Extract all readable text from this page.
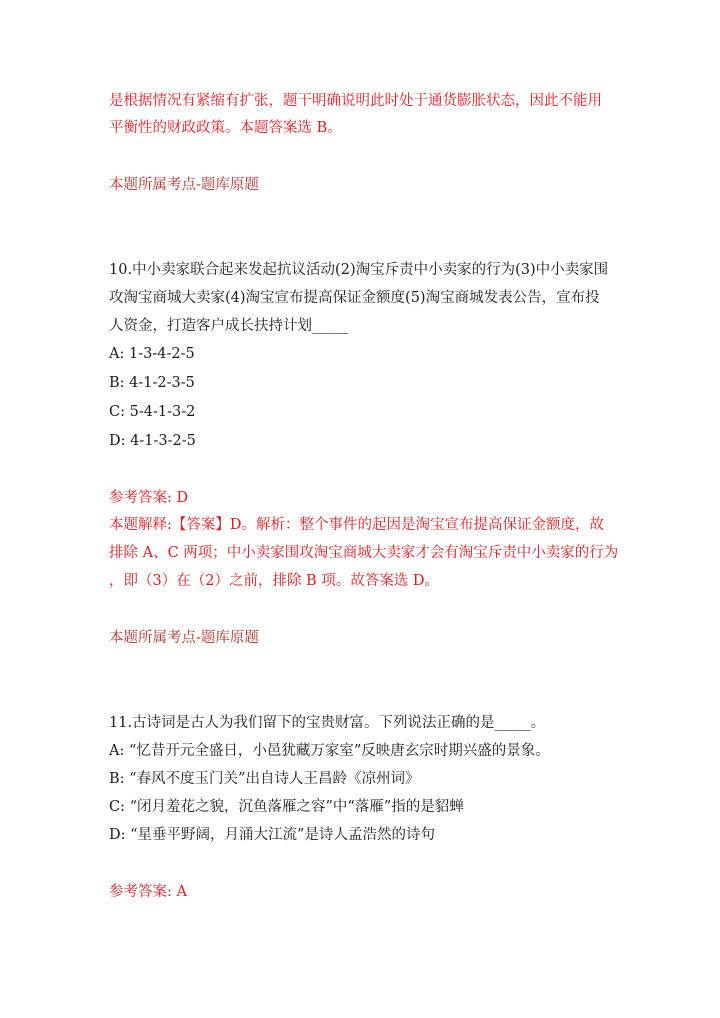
是根据情况有紧缩有扩张，题干明确说明此时处于通货膨胀状态，因此不能用
平衡性的财政政策。本题答案选 B。
本题所属考点-题库原题
10.中小卖家联合起来发起抗议活动(2)淘宝斥责中小卖家的行为(3)中小卖家围
攻淘宝商城大卖家(4)淘宝宣布提高保证金额度(5)淘宝商城发表公告，宣布投
人资金，打造客户成长扶持计划_____
A: 1-3-4-2-5
B: 4-1-2-3-5
C: 5-4-1-3-2
D: 4-1-3-2-5
参考答案: D
本题解释:【答案】D。解析：整个事件的起因是淘宝宣布提高保证金额度，故
排除 A、C 两项；中小卖家围攻淘宝商城大卖家才会有淘宝斥责中小卖家的行为
，即（3）在（2）之前，排除 B 项。故答案选 D。
本题所属考点-题库原题
11.古诗词是古人为我们留下的宝贵财富。下列说法正确的是_____。
A: “忆昔开元全盛日，小邑犹藏万家室”反映唐玄宗时期兴盛的景象。
B: “春风不度玉门关”出自诗人王昌龄《凉州词》
C: “闭月羞花之貌，沉鱼落雁之容”中“落雁”指的是貂蝉
D: “星垂平野阔，月涌大江流”是诗人孟浩然的诗句
参考答案: A
